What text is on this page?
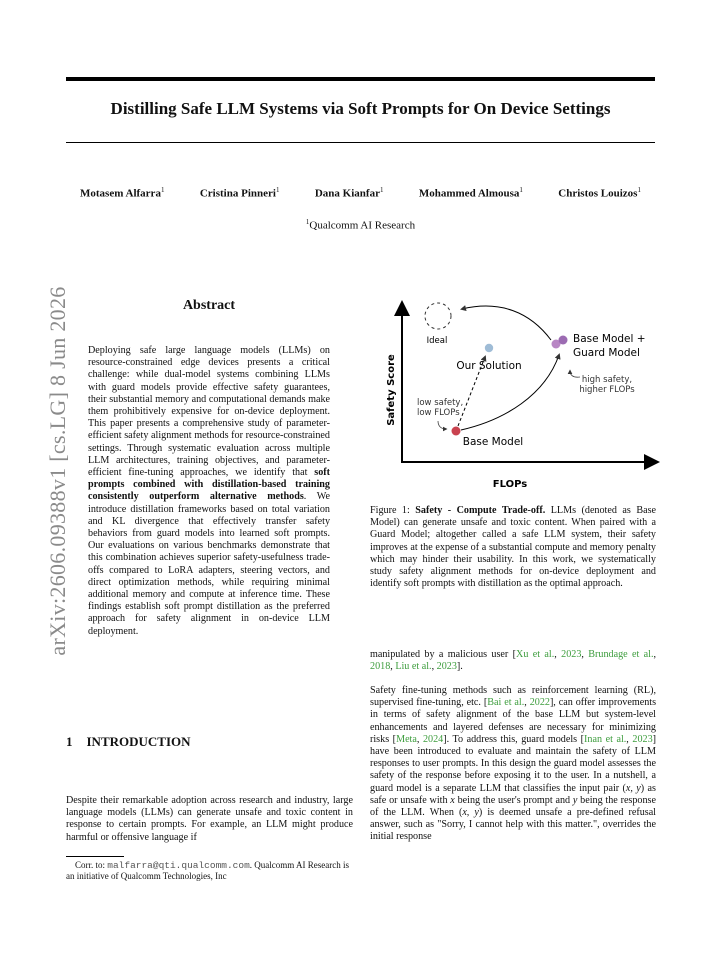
arXiv:2606.09388v1 [cs.LG] 8 Jun 2026
Distilling Safe LLM Systems via Soft Prompts for On Device Settings
Motasem Alfarra$^1$	Cristina Pinneri$^1$	Dana Kianfar$^1$	Mohammed Almousa$^1$	Christos Louizos$^1$
$^1$Qualcomm AI Research
Abstract
Deploying safe large language models (LLMs) on resource-constrained edge devices presents a critical challenge: while dual-model systems combining LLMs with guard models provide effective safety guarantees, their substantial memory and computational demands make them prohibitively expensive for on-device deployment. This paper presents a comprehensive study of parameter-efficient safety alignment methods for resource-constrained settings. Through systematic evaluation across multiple LLM architectures, training objectives, and parameter-efficient fine-tuning approaches, we identify that soft prompts combined with distillation-based training consistently outperform alternative methods. We introduce distillation frameworks based on total variation and KL divergence that effectively transfer safety behaviors from guard models into learned soft prompts. Our evaluations on various benchmarks demonstrate that this combination achieves superior safety-usefulness trade-offs compared to LoRA adapters, steering vectors, and direct optimization methods, while requiring minimal additional memory and compute at inference time. These findings establish soft prompt distillation as the preferred approach for safety alignment in on-device LLM deployment.
1 INTRODUCTION
Despite their remarkable adoption across research and industry, large language models (LLMs) can generate unsafe and toxic content in response to certain prompts. For example, an LLM might produce harmful or offensive language if
Corr. to: malfarra@qti.qualcomm.com. Qualcomm AI Research is an initiative of Qualcomm Technologies, Inc
Safety Score
FLOPs
Ideal
Our Solution
Base Model + Guard Model
high safety, higher FLOPs
low safety, low FLOPs
Base Model
Figure 1: Safety - Compute Trade-off. LLMs (denoted as Base Model) can generate unsafe and toxic content. When paired with a Guard Model; altogether called a safe LLM system, their safety improves at the expense of a substantial compute and memory penalty which may hinder their usability. In this work, we systematically study safety alignment methods for on-device deployment and identify soft prompts with distillation as the optimal approach.
manipulated by a malicious user [Xu et al., 2023, Brundage et al., 2018, Liu et al., 2023].
Safety fine-tuning methods such as reinforcement learning (RL), supervised fine-tuning, etc. [Bai et al., 2022], can offer improvements in terms of safety alignment of the base LLM but system-level enhancements and layered defenses are necessary for minimizing risks [Meta, 2024]. To address this, guard models [Inan et al., 2023] have been introduced to evaluate and maintain the safety of LLM responses to user prompts. In this design the guard model assesses the safety of the response before exposing it to the user. In a nutshell, a guard model is a separate LLM that classifies the input pair (x, y) as safe or unsafe with x being the user's prompt and y being the response of the LLM. When (x, y) is deemed unsafe a pre-defined refusal answer, such as "Sorry, I cannot help with this matter.", overrides the initial response
